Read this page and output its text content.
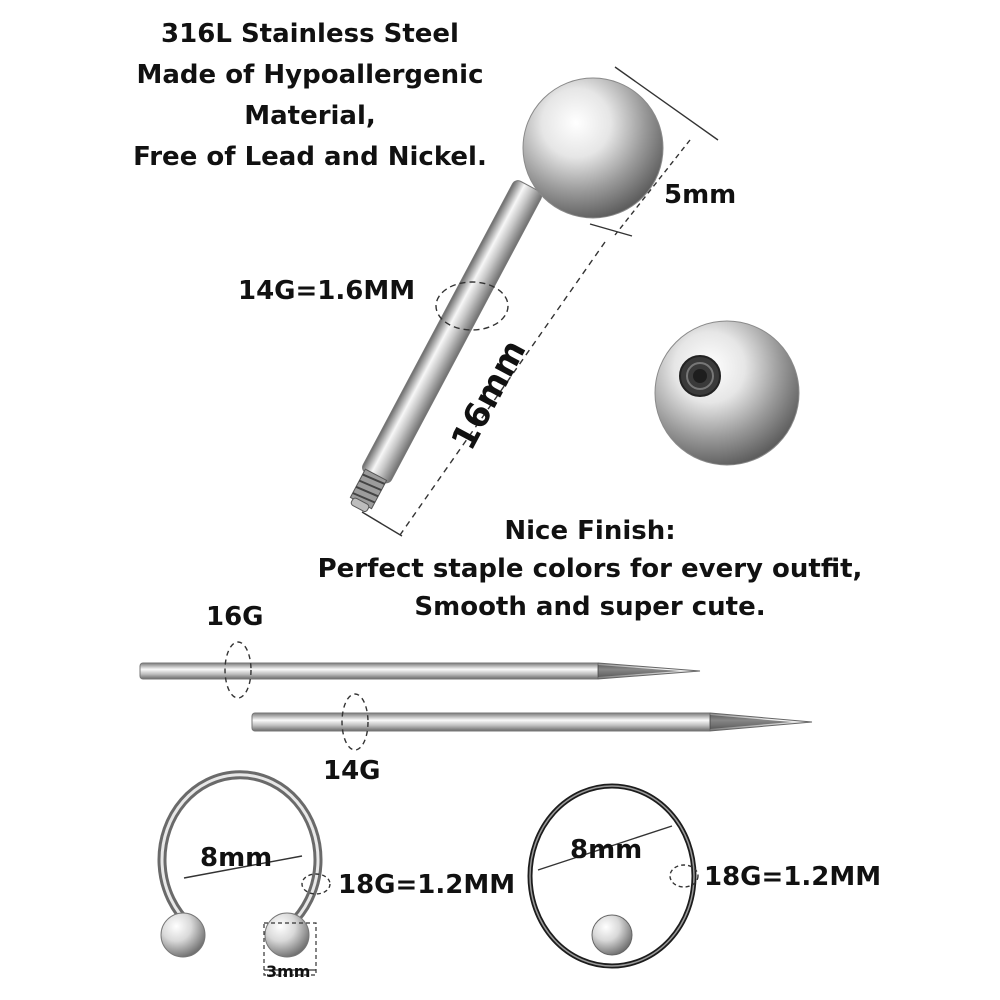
316L Stainless Steel
Made of Hypoallergenic
Material,
Free of Lead and Nickel.
5mm
14G=1.6MM
16mm
Nice Finish:
Perfect staple colors for every outfit,
Smooth and super cute.
16G
14G
8mm
18G=1.2MM
3mm
8mm
18G=1.2MM
